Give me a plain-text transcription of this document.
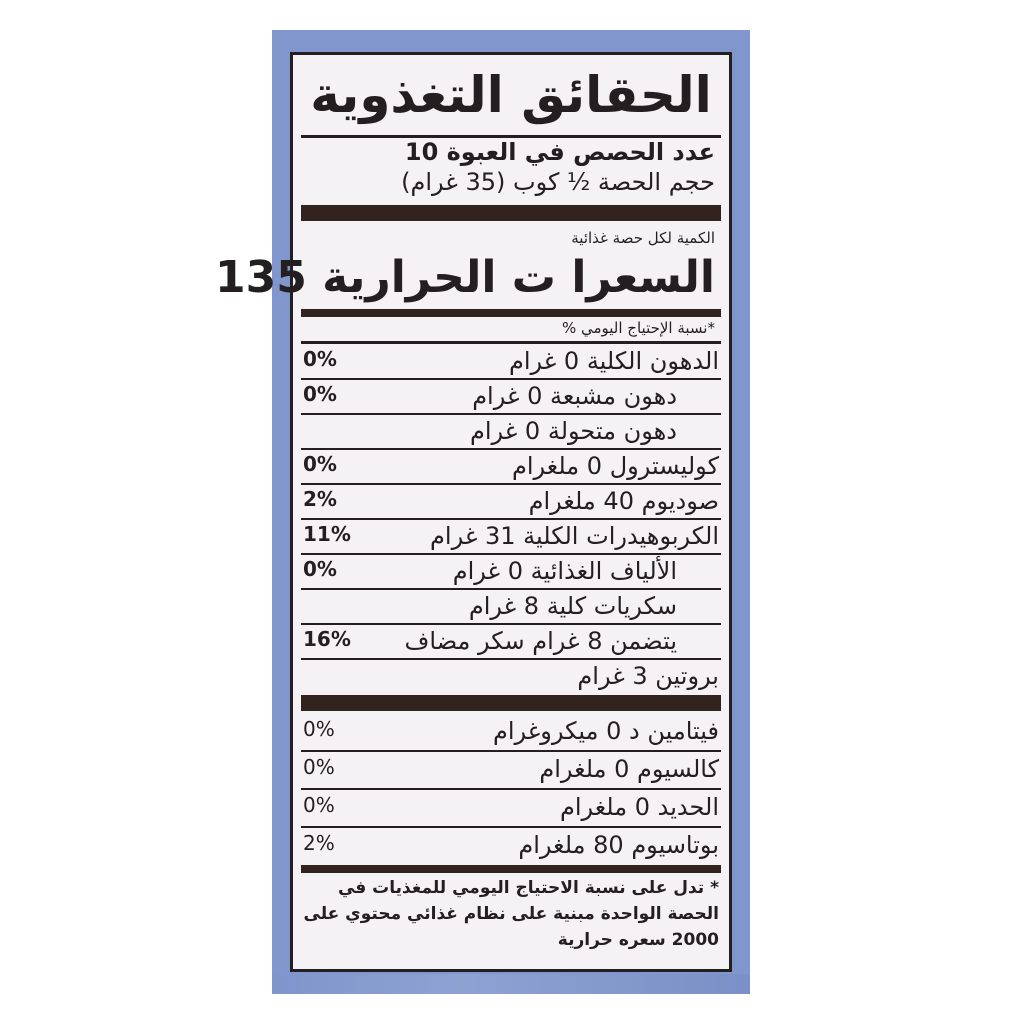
الحقائق التغذوية
عدد الحصص في العبوة 10
حجم الحصة ½ كوب (35 غرام)
الكمية لكل حصة غذائية
السعرا ت الحرارية 135
*نسبة الإحتياج اليومي %
الدهون الكلية 0 غرام
0%
دهون مشبعة 0 غرام
0%
دهون متحولة 0 غرام
كوليسترول 0 ملغرام
0%
صوديوم 40 ملغرام
2%
الكربوهيدرات الكلية 31 غرام
11%
الألياف الغذائية 0 غرام
0%
سكريات كلية 8 غرام
يتضمن 8 غرام سكر مضاف
16%
بروتين 3 غرام
فيتامين د 0 ميكروغرام
0%
كالسيوم 0 ملغرام
0%
الحديد 0 ملغرام
0%
بوتاسيوم 80 ملغرام
2%
* تدل على نسبة الاحتياج اليومي للمغذيات في الحصة الواحدة مبنية على نظام غذائي محتوي على 2000 سعره حرارية
